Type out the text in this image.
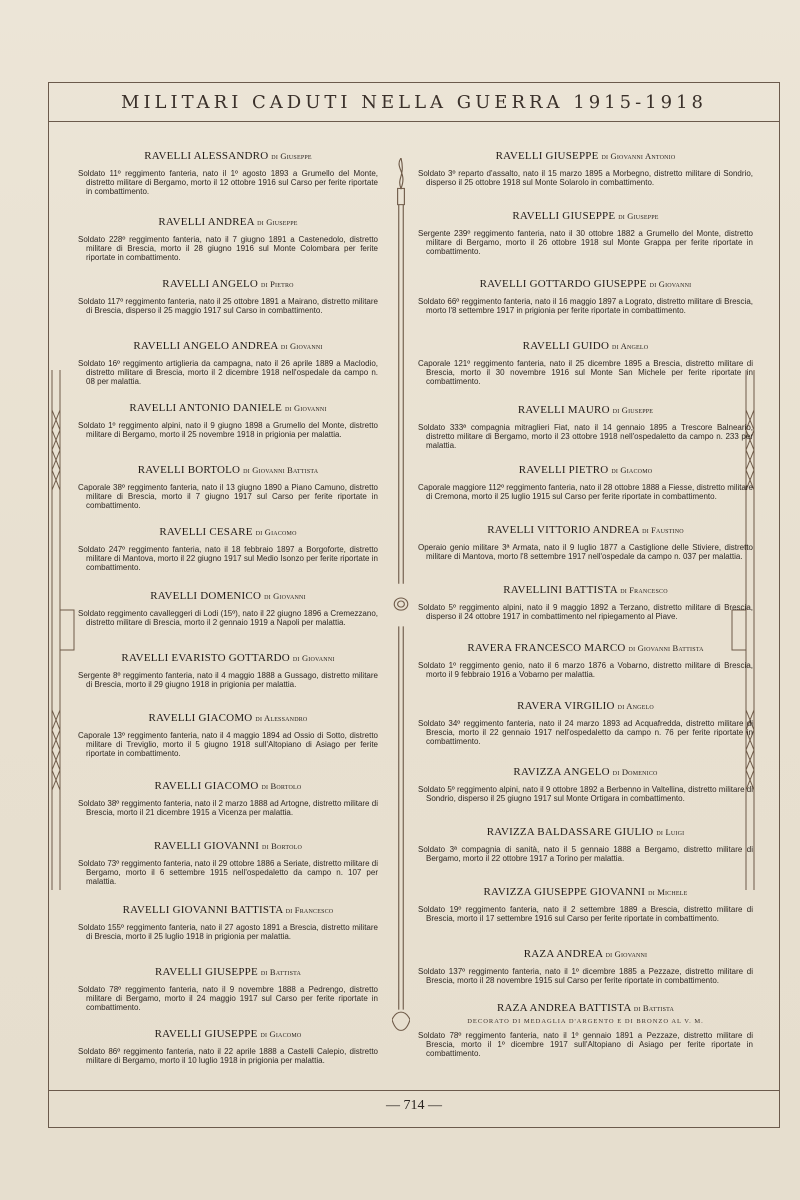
MILITARI CADUTI NELLA GUERRA 1915-1918
RAVELLI ALESSANDRO di Giuseppe
Soldato 11º reggimento fanteria, nato il 1º agosto 1893 a Grumello del Monte, distretto militare di Bergamo, morto il 12 ottobre 1916 sul Carso per ferite riportate in combattimento.
RAVELLI ANDREA di Giuseppe
Soldato 228º reggimento fanteria, nato il 7 giugno 1891 a Castenedolo, distretto militare di Brescia, morto il 28 giugno 1916 sul Monte Colombara per ferite riportate in combattimento.
RAVELLI ANGELO di Pietro
Soldato 117º reggimento fanteria, nato il 25 ottobre 1891 a Mairano, distretto militare di Brescia, disperso il 25 maggio 1917 sul Carso in combattimento.
RAVELLI ANGELO ANDREA di Giovanni
Soldato 16º reggimento artiglieria da campagna, nato il 26 aprile 1889 a Maclodio, distretto militare di Brescia, morto il 2 dicembre 1918 nell'ospedale da campo n. 08 per malattia.
RAVELLI ANTONIO DANIELE di Giovanni
Soldato 1º reggimento alpini, nato il 9 giugno 1898 a Grumello del Monte, distretto militare di Bergamo, morto il 25 novembre 1918 in prigionia per malattia.
RAVELLI BORTOLO di Giovanni Battista
Caporale 38º reggimento fanteria, nato il 13 giugno 1890 a Piano Camuno, distretto militare di Brescia, morto il 7 giugno 1917 sul Carso per ferite riportate in combattimento.
RAVELLI CESARE di Giacomo
Soldato 247º reggimento fanteria, nato il 18 febbraio 1897 a Borgoforte, distretto militare di Mantova, morto il 22 giugno 1917 sul Medio Isonzo per ferite riportate in combattimento.
RAVELLI DOMENICO di Giovanni
Soldato reggimento cavalleggeri di Lodi (15º), nato il 22 giugno 1896 a Cremezzano, distretto militare di Brescia, morto il 2 gennaio 1919 a Napoli per malattia.
RAVELLI EVARISTO GOTTARDO di Giovanni
Sergente 8º reggimento fanteria, nato il 4 maggio 1888 a Gussago, distretto militare di Brescia, morto il 29 giugno 1918 in prigionia per malattia.
RAVELLI GIACOMO di Alessandro
Caporale 13º reggimento fanteria, nato il 4 maggio 1894 ad Ossio di Sotto, distretto militare di Treviglio, morto il 5 giugno 1918 sull'Altopiano di Asiago per ferite riportate in combattimento.
RAVELLI GIACOMO di Bortolo
Soldato 38º reggimento fanteria, nato il 2 marzo 1888 ad Artogne, distretto militare di Brescia, morto il 21 dicembre 1915 a Vicenza per malattia.
RAVELLI GIOVANNI di Bortolo
Soldato 73º reggimento fanteria, nato il 29 ottobre 1886 a Seriate, distretto militare di Bergamo, morto il 6 settembre 1915 nell'ospedaletto da campo n. 107 per malattia.
RAVELLI GIOVANNI BATTISTA di Francesco
Soldato 155º reggimento fanteria, nato il 27 agosto 1891 a Brescia, distretto militare di Brescia, morto il 25 luglio 1918 in prigionia per malattia.
RAVELLI GIUSEPPE di Battista
Soldato 78º reggimento fanteria, nato il 9 novembre 1888 a Pedrengo, distretto militare di Bergamo, morto il 24 maggio 1917 sul Carso per ferite riportate in combattimento.
RAVELLI GIUSEPPE di Giacomo
Soldato 86º reggimento fanteria, nato il 22 aprile 1888 a Castelli Calepio, distretto militare di Bergamo, morto il 10 luglio 1918 in prigionia per malattia.
RAVELLI GIUSEPPE di Giovanni Antonio
Soldato 3º reparto d'assalto, nato il 15 marzo 1895 a Morbegno, distretto militare di Sondrio, disperso il 25 ottobre 1918 sul Monte Solarolo in combattimento.
RAVELLI GIUSEPPE di Giuseppe
Sergente 239º reggimento fanteria, nato il 30 ottobre 1882 a Grumello del Monte, distretto militare di Bergamo, morto il 26 ottobre 1918 sul Monte Grappa per ferite riportate in combattimento.
RAVELLI GOTTARDO GIUSEPPE di Giovanni
Soldato 66º reggimento fanteria, nato il 16 maggio 1897 a Lograto, distretto militare di Brescia, morto l'8 settembre 1917 in prigionia per ferite riportate in combattimento.
RAVELLI GUIDO di Angelo
Caporale 121º reggimento fanteria, nato il 25 dicembre 1895 a Brescia, distretto militare di Brescia, morto il 30 novembre 1916 sul Monte San Michele per ferite riportate in combattimento.
RAVELLI MAURO di Giuseppe
Soldato 333ª compagnia mitraglieri Fiat, nato il 14 gennaio 1895 a Trescore Balneario, distretto militare di Bergamo, morto il 23 ottobre 1918 nell'ospedaletto da campo n. 233 per malattia.
RAVELLI PIETRO di Giacomo
Caporale maggiore 112º reggimento fanteria, nato il 28 ottobre 1888 a Fiesse, distretto militare di Cremona, morto il 25 luglio 1915 sul Carso per ferite riportate in combattimento.
RAVELLI VITTORIO ANDREA di Faustino
Operaio genio militare 3ª Armata, nato il 9 luglio 1877 a Castiglione delle Stiviere, distretto militare di Mantova, morto l'8 settembre 1917 nell'ospedale da campo n. 037 per malattia.
RAVELLINI BATTISTA di Francesco
Soldato 5º reggimento alpini, nato il 9 maggio 1892 a Terzano, distretto militare di Brescia, disperso il 24 ottobre 1917 in combattimento nel ripiegamento al Piave.
RAVERA FRANCESCO MARCO di Giovanni Battista
Soldato 1º reggimento genio, nato il 6 marzo 1876 a Vobarno, distretto militare di Brescia, morto il 9 febbraio 1916 a Vobarno per malattia.
RAVERA VIRGILIO di Angelo
Soldato 34º reggimento fanteria, nato il 24 marzo 1893 ad Acquafredda, distretto militare di Brescia, morto il 22 gennaio 1917 nell'ospedaletto da campo n. 76 per ferite riportate in combattimento.
RAVIZZA ANGELO di Domenico
Soldato 5º reggimento alpini, nato il 9 ottobre 1892 a Berbenno in Valtellina, distretto militare di Sondrio, disperso il 25 giugno 1917 sul Monte Ortigara in combattimento.
RAVIZZA BALDASSARE GIULIO di Luigi
Soldato 3ª compagnia di sanità, nato il 5 gennaio 1888 a Bergamo, distretto militare di Bergamo, morto il 22 ottobre 1917 a Torino per malattia.
RAVIZZA GIUSEPPE GIOVANNI di Michele
Soldato 19º reggimento fanteria, nato il 2 settembre 1889 a Brescia, distretto militare di Brescia, morto il 17 settembre 1916 sul Carso per ferite riportate in combattimento.
RAZA ANDREA di Giovanni
Soldato 137º reggimento fanteria, nato il 1º dicembre 1885 a Pezzaze, distretto militare di Brescia, morto il 28 novembre 1915 sul Carso per ferite riportate in combattimento.
RAZA ANDREA BATTISTA di Battista
DECORATO DI MEDAGLIA D'ARGENTO E DI BRONZO AL V. M.
Soldato 78º reggimento fanteria, nato il 1º gennaio 1891 a Pezzaze, distretto militare di Brescia, morto il 1º dicembre 1917 sull'Altopiano di Asiago per ferite riportate in combattimento.
— 714 —
